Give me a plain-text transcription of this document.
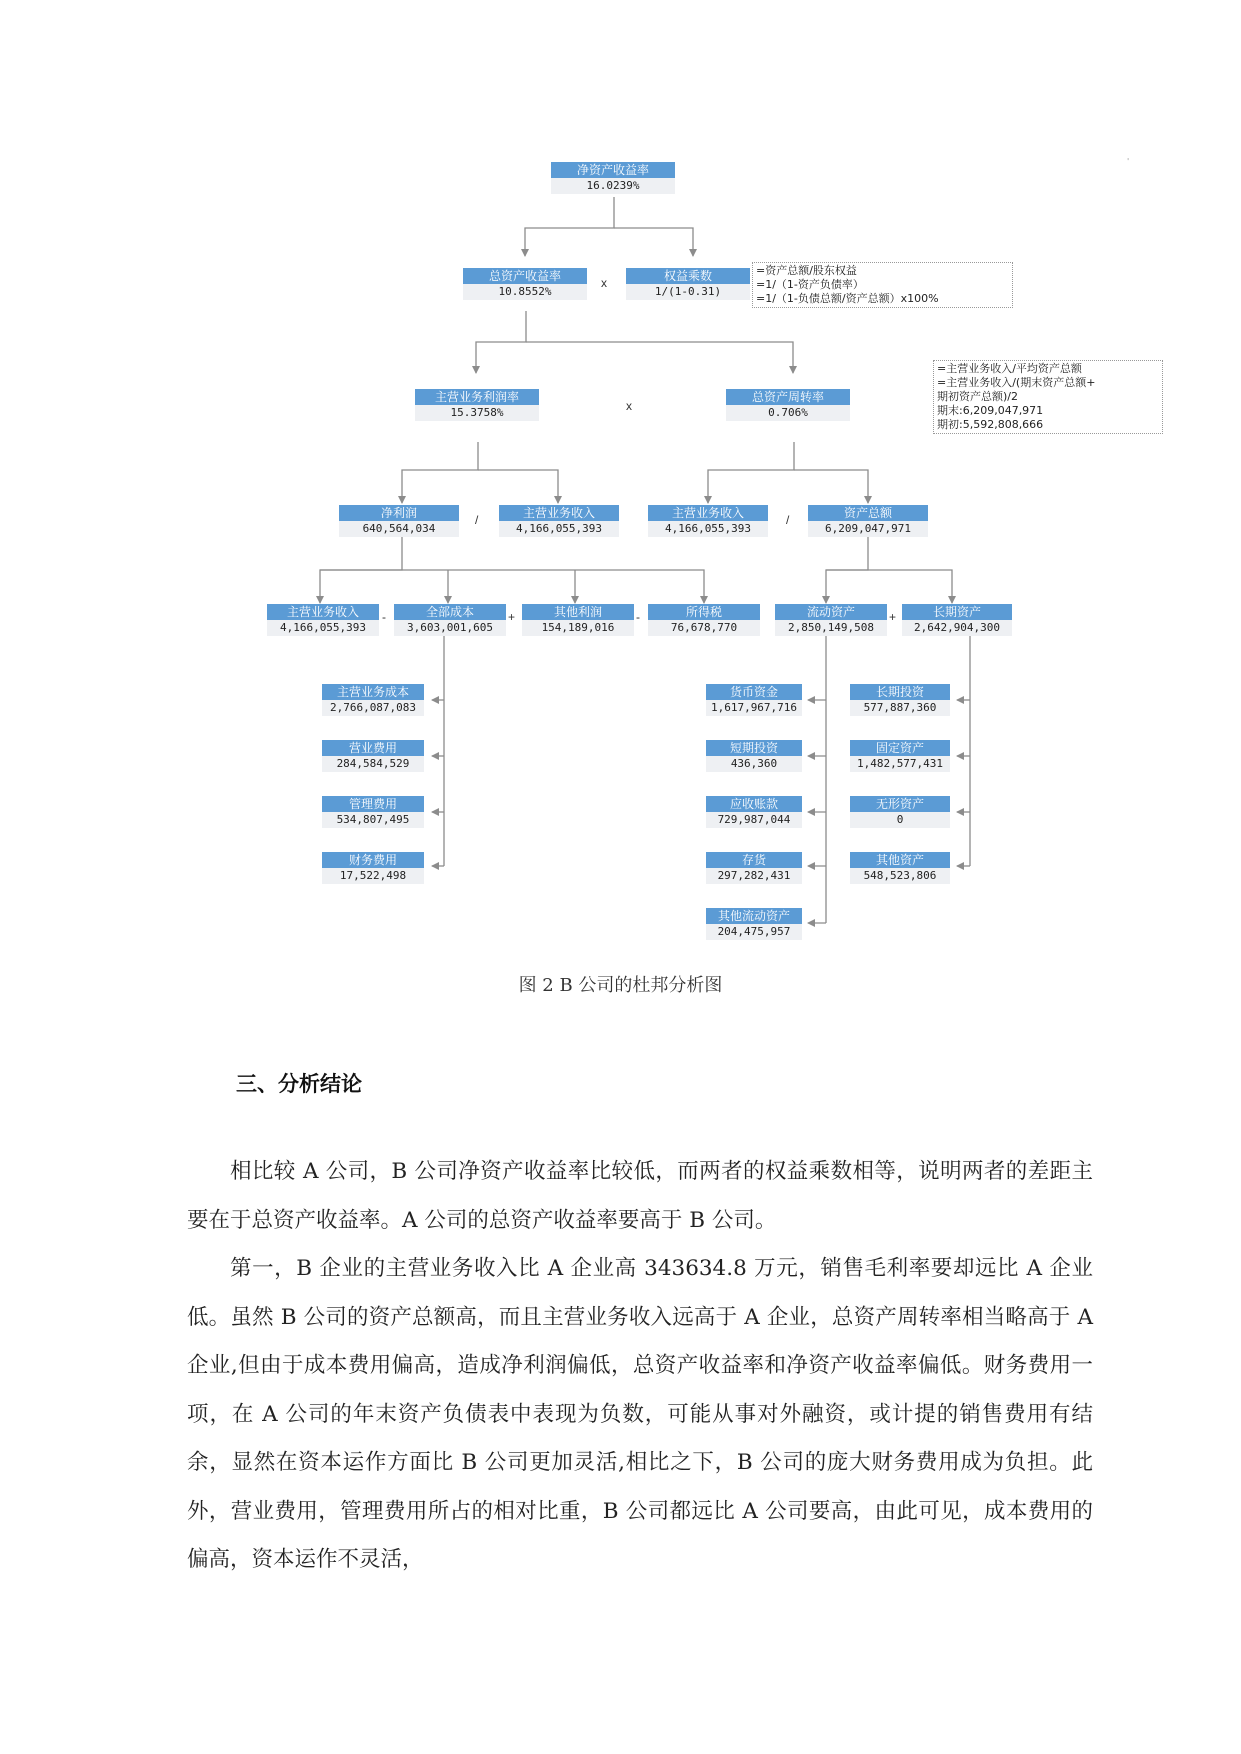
净资产收益率
16.0239%
总资产收益率
10.8552%
权益乘数
1/(1-0.31)
x
主营业务利润率
15.3758%
总资产周转率
0.706%
x
净利润
640,564,034
/	主营业务收入
4,166,055,393
主营业务收入
4,166,055,393
/	资产总额
6,209,047,971
主营业务收入
4,166,055,393
-	全部成本
3,603,001,605
+	其他利润
154,189,016
-	所得税
76,678,770
流动资产
2,850,149,508
+	长期资产
2,642,904,300
主营业务成本
2,766,087,083
营业费用
284,584,529
管理费用
534,807,495
财务费用
17,522,498
货币资金
1,617,967,716
短期投资
436,360
应收账款
729,987,044
存货
297,282,431
其他流动资产
204,475,957
长期投资
577,887,360
固定资产
1,482,577,431
无形资产
0
其他资产
548,523,806
=资产总额/股东权益
=1/（1-资产负债率）
=1/（1-负债总额/资产总额）x100%
=主营业务收入/平均资产总额
=主营业务收入/(期末资产总额+
期初资产总额)/2
期末:6,209,047,971
期初:5,592,808,666
'
图 2 B 公司的杜邦分析图
三、分析结论

相比较 A 公司，B 公司净资产收益率比较低，而两者的权益乘数相等，说明两者的差距主要在于总资产收益率。A 公司的总资产收益率要高于 B 公司。

第一，B 企业的主营业务收入比 A 企业高 343634.8 万元，销售毛利率要却远比 A 企业低。虽然 B 公司的资产总额高，而且主营业务收入远高于 A 企业，总资产周转率相当略高于 A 企业,但由于成本费用偏高，造成净利润偏低，总资产收益率和净资产收益率偏低。财务费用一项，在 A 公司的年末资产负债表中表现为负数，可能从事对外融资，或计提的销售费用有结余，显然在资本运作方面比 B 公司更加灵活,相比之下，B 公司的庞大财务费用成为负担。此外，营业费用，管理费用所占的相对比重，B 公司都远比 A 公司要高，由此可见，成本费用的偏高，资本运作不灵活，
